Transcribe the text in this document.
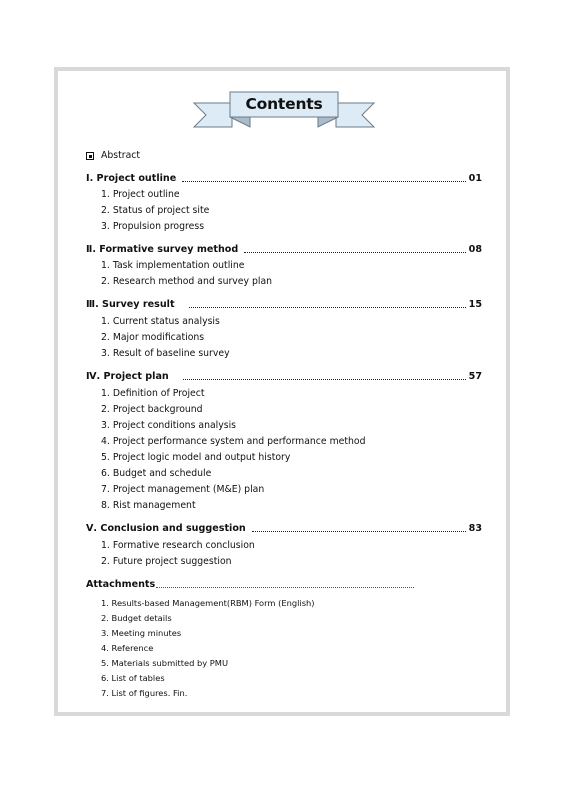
Contents
Abstract
Ⅰ. Project outline	01
1. Project outline
2. Status of project site
3. Propulsion progress
Ⅱ. Formative survey method	08
1. Task implementation outline
2. Research method and survey plan
Ⅲ. Survey result	15
1. Current status analysis
2. Major modifications
3. Result of baseline survey
Ⅳ. Project plan	57
1. Definition of Project
2. Project background
3. Project conditions analysis
4. Project performance system and performance method
5. Project logic model and output history
6. Budget and schedule
7. Project management (M&E) plan
8. Rist management
Ⅴ. Conclusion and suggestion	83
1. Formative research conclusion
2. Future project suggestion
Attachments
1. Results-based Management(RBM) Form (English)
2. Budget details
3. Meeting minutes
4. Reference
5. Materials submitted by PMU
6. List of tables
7. List of figures. Fin.
